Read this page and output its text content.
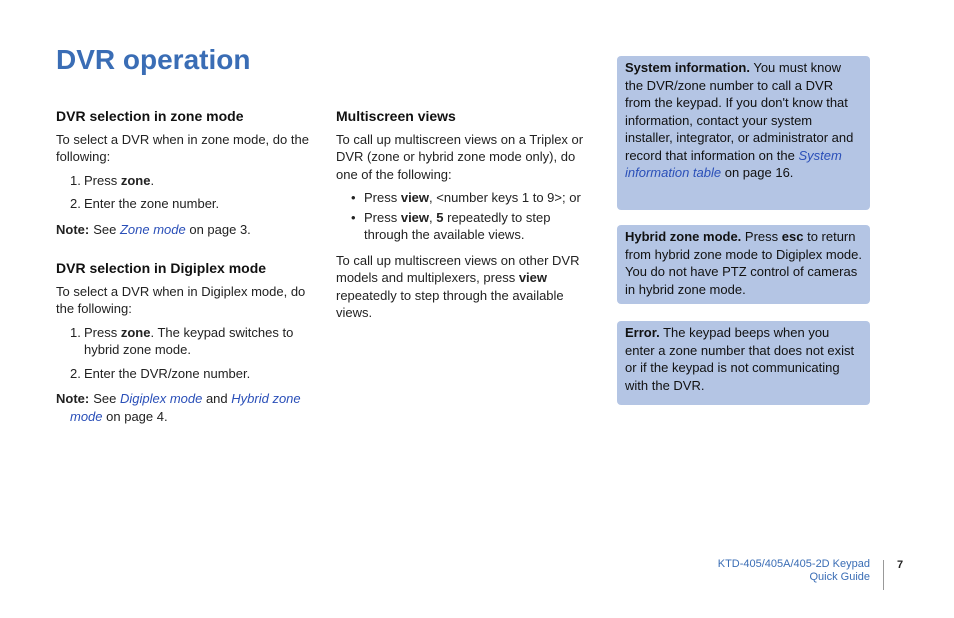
DVR operation
DVR selection in zone mode

To select a DVR when in zone mode, do the following:

1. Press zone.
2. Enter the zone number.

Note: See Zone mode on page 3.

DVR selection in Digiplex mode

To select a DVR when in Digiplex mode, do the following:

1. Press zone. The keypad switches to hybrid zone mode.
2. Enter the DVR/zone number.

Note: See Digiplex mode and Hybrid zone mode on page 4.

Multiscreen views

To call up multiscreen views on a Triplex or DVR (zone or hybrid zone mode only), do one of the following:

• Press view, <number keys 1 to 9>; or
• Press view, 5 repeatedly to step through the available views.

To call up multiscreen views on other DVR models and multiplexers, press view repeatedly to step through the available views.

System information. You must know the DVR/zone number to call a DVR from the keypad. If you don't know that information, contact your system installer, integrator, or administrator and record that information on the System information table on page 16.
Hybrid zone mode. Press esc to return from hybrid zone mode to Digiplex mode. You do not have PTZ control of cameras in hybrid zone mode.
Error. The keypad beeps when you enter a zone number that does not exist or if the keypad is not communicating with the DVR.
KTD-405/405A/405-2D Keypad
Quick Guide
7
